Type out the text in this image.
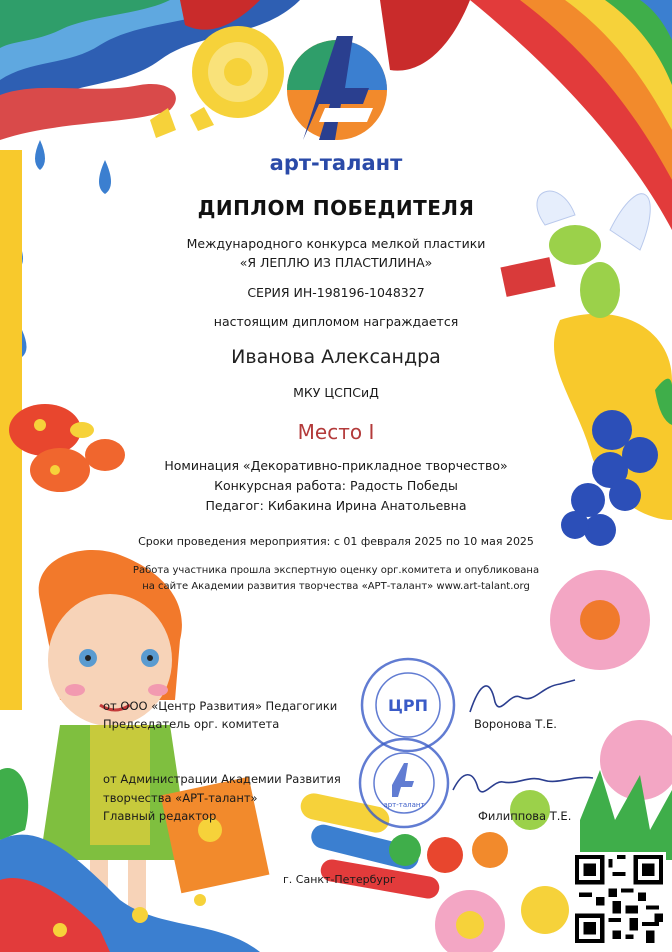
арт-талант
ДИПЛОМ ПОБЕДИТЕЛЯ
Международного конкурса мелкой пластики
«Я ЛЕПЛЮ ИЗ ПЛАСТИЛИНА»
СЕРИЯ ИН-198196-1048327
настоящим дипломом награждается
Иванова Александра
МКУ ЦСПСиД
Место I
Номинация «Декоративно-прикладное творчество»
Конкурсная работа: Радость Победы
Педагог: Кибакина Ирина Анатольевна
Сроки проведения мероприятия: с 01 февраля 2025 по 10 мая 2025
Работа участника прошла экспертную оценку орг.комитета и опубликована
на сайте Академии развития творчества «АРТ-талант» www.art-talant.org
от ООО «Центр Развития» Педагогики
Председатель орг. комитета	Воронова Т.Е.
от Администрации Академии Развития
творчества «АРТ-талант»
Главный редактор	Филиппова Т.Е.
ЦРП
арт-талант
г. Санкт-Петербург
